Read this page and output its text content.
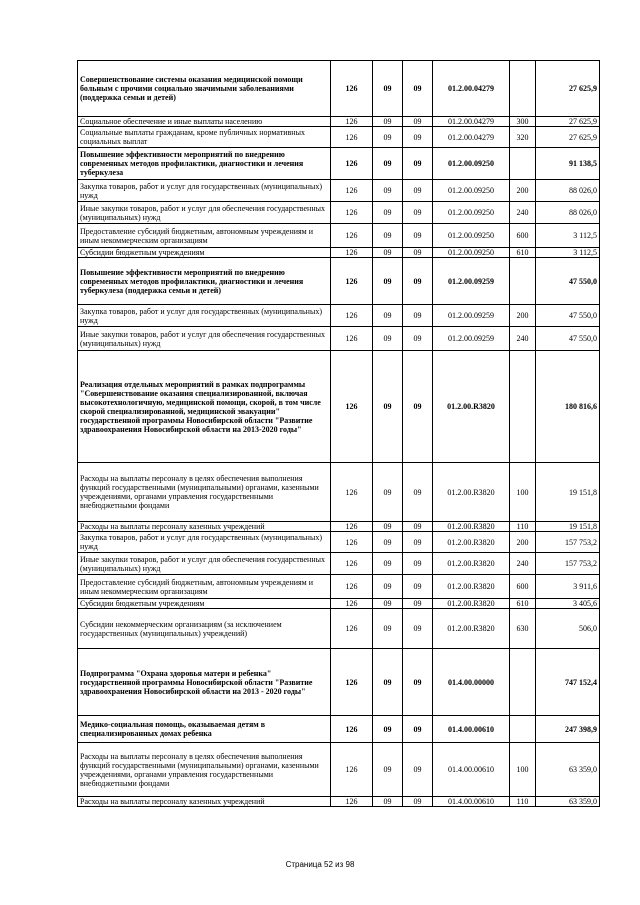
Совершенствование системы оказания медицинской помощи больным с прочими социально значимыми заболеваниями (поддержка семьи и детей)	126	09	09	01.2.00.04279		27 625,9
Социальное обеспечение и иные выплаты населению	126	09	09	01.2.00.04279	300	27 625,9
Социальные выплаты гражданам, кроме публичных нормативных социальных выплат	126	09	09	01.2.00.04279	320	27 625,9
Повышение эффективности мероприятий по внедрению современных методов профилактики, диагностики и лечения туберкулеза	126	09	09	01.2.00.09250		91 138,5
Закупка товаров, работ и услуг для государственных (муниципальных) нужд	126	09	09	01.2.00.09250	200	88 026,0
Иные закупки товаров, работ и услуг для обеспечения государственных (муниципальных) нужд	126	09	09	01.2.00.09250	240	88 026,0
Предоставление субсидий бюджетным, автономным учреждениям и иным некоммерческим организациям	126	09	09	01.2.00.09250	600	3 112,5
Субсидии бюджетным учреждениям	126	09	09	01.2.00.09250	610	3 112,5
Повышение эффективности мероприятий по внедрению современных методов профилактики, диагностики и лечения туберкулеза (поддержка семьи и детей)	126	09	09	01.2.00.09259		47 550,0
Закупка товаров, работ и услуг для государственных (муниципальных) нужд	126	09	09	01.2.00.09259	200	47 550,0
Иные закупки товаров, работ и услуг для обеспечения государственных (муниципальных) нужд	126	09	09	01.2.00.09259	240	47 550,0
Реализация отдельных мероприятий в рамках подпрограммы "Совершенствование оказания специализированной, включая высокотехнологичную, медицинской помощи, скорой, в том числе скорой специализированной, медицинской эвакуации" государственной программы Новосибирской области "Развитие здравоохранения Новосибирской области на 2013-2020 годы"	126	09	09	01.2.00.R3820		180 816,6
Расходы на выплаты персоналу в целях обеспечения выполнения функций государственными (муниципальными) органами, казенными учреждениями, органами управления государственными внебюджетными фондами	126	09	09	01.2.00.R3820	100	19 151,8
Расходы на выплаты персоналу казенных учреждений	126	09	09	01.2.00.R3820	110	19 151,8
Закупка товаров, работ и услуг для государственных (муниципальных) нужд	126	09	09	01.2.00.R3820	200	157 753,2
Иные закупки товаров, работ и услуг для обеспечения государственных (муниципальных) нужд	126	09	09	01.2.00.R3820	240	157 753,2
Предоставление субсидий бюджетным, автономным учреждениям и иным некоммерческим организациям	126	09	09	01.2.00.R3820	600	3 911,6
Субсидии бюджетным учреждениям	126	09	09	01.2.00.R3820	610	3 405,6
Субсидии некоммерческим организациям (за исключением государственных (муниципальных) учреждений)	126	09	09	01.2.00.R3820	630	506,0
Подпрограмма "Охрана здоровья матери и ребенка" государственной программы Новосибирской области "Развитие здравоохранения Новосибирской области на 2013 - 2020 годы"	126	09	09	01.4.00.00000		747 152,4
Медико-социальная помощь, оказываемая детям в специализированных домах ребенка	126	09	09	01.4.00.00610		247 398,9
Расходы на выплаты персоналу в целях обеспечения выполнения функций государственными (муниципальными) органами, казенными учреждениями, органами управления государственными внебюджетными фондами	126	09	09	01.4.00.00610	100	63 359,0
Расходы на выплаты персоналу казенных учреждений	126	09	09	01.4.00.00610	110	63 359,0
Страница 52 из 98
